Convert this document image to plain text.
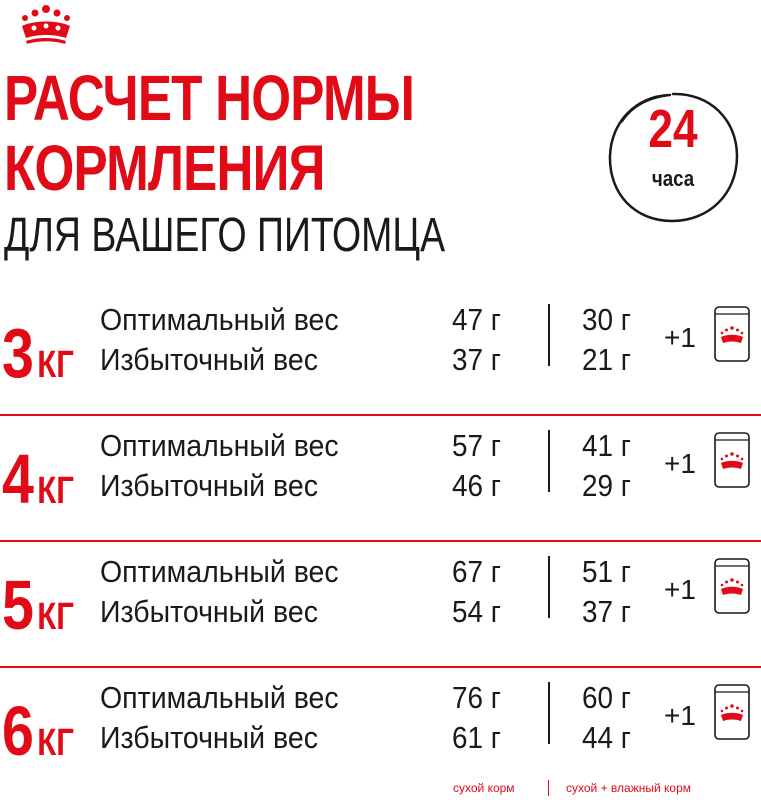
РАСЧЕТ НОРМЫ
КОРМЛЕНИЯ
ДЛЯ ВАШЕГО ПИТОМЦА
24
часа
3КГ
Оптимальный вес
Избыточный вес
47 г
37 г
30 г
21 г
+1
4КГ
Оптимальный вес
Избыточный вес
57 г
46 г
41 г
29 г
+1
5КГ
Оптимальный вес
Избыточный вес
67 г
54 г
51 г
37 г
+1
6КГ
Оптимальный вес
Избыточный вес
76 г
61 г
60 г
44 г
+1
сухой корм	сухой + влажный корм
